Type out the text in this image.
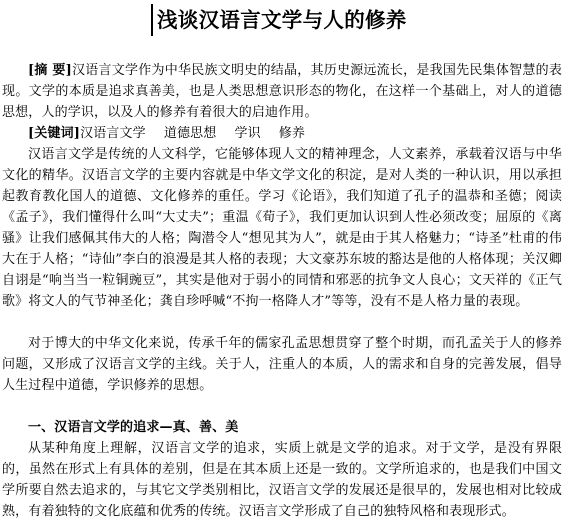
浅谈汉语言文学与人的修养

[摘 要]汉语言文学作为中华民族文明史的结晶，其历史源远流长，是我国先民集体智慧的表现。文学的本质是追求真善美，也是人类思想意识形态的物化，在这样一个基础上，对人的道德思想，人的学识，以及人的修养有着很大的启迪作用。

[关键词]汉语言文学 道德思想 学识 修养

汉语言文学是传统的人文科学，它能够体现人文的精神理念，人文素养，承载着汉语与中华文化的精华。汉语言文学的主要内容就是中华文学文化的积淀，是对人类的一种认识，用以承担起教育教化国人的道德、文化修养的重任。学习《论语》，我们知道了孔子的温恭和圣德；阅读《孟子》，我们懂得什么叫“大丈夫”；重温《荀子》，我们更加认识到人性必须改变；屈原的《离骚》让我们感佩其伟大的人格；陶潜令人“想见其为人”，就是由于其人格魅力；“诗圣”杜甫的伟大在于人格；“诗仙”李白的浪漫是其人格的表现；大文豪苏东坡的豁达是他的人格体现；关汉卿自诩是“响当当一粒铜豌豆”，其实是他对于弱小的同情和邪恶的抗争文人良心；文天祥的《正气歌》将文人的气节神圣化；龚自珍呼喊“不拘一格降人才”等等，没有不是人格力量的表现。

对于博大的中华文化来说，传承千年的儒家孔孟思想贯穿了整个时期，而孔孟关于人的修养问题，又形成了汉语言文学的主线。关于人，注重人的本质，人的需求和自身的完善发展，倡导人生过程中道德，学识修养的思想。

一、汉语言文学的追求—真、善、美

从某种角度上理解，汉语言文学的追求，实质上就是文学的追求。对于文学，是没有界限的，虽然在形式上有具体的差别，但是在其本质上还是一致的。文学所追求的，也是我们中国文学所要自然去追求的，与其它文学类别相比，汉语言文学的发展还是很早的，发展也相对比较成熟，有着独特的文化底蕴和优秀的传统。汉语言文学形成了自己的独特风格和表现形式。
